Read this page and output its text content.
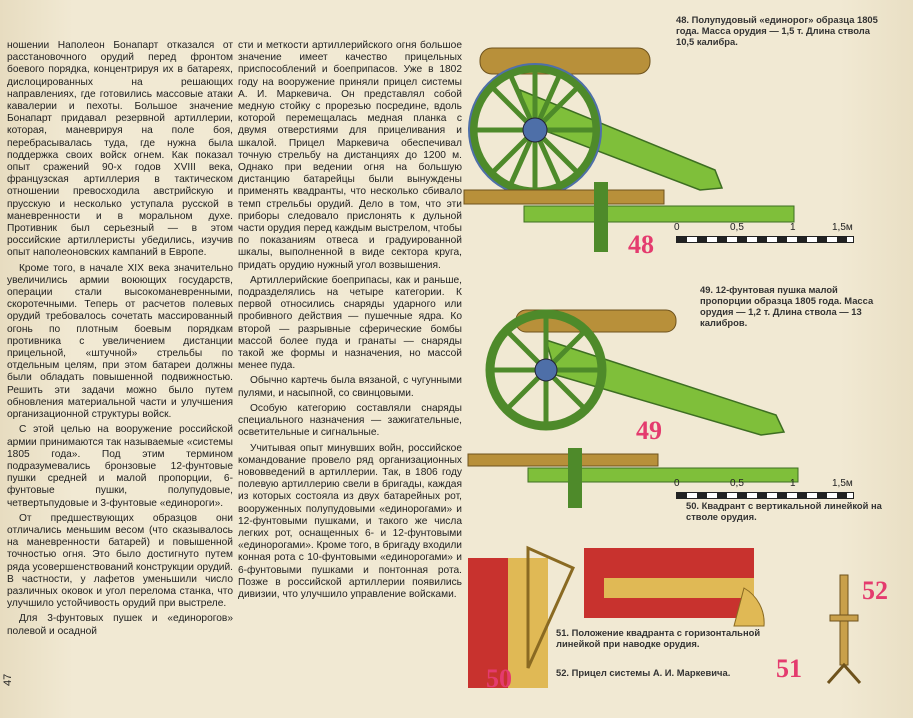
ношении Наполеон Бонапарт отказался от расстановочного орудий перед фронтом боевого порядка, концентрируя их в батареях, дислоцированных на решающих направлениях, где готовились массовые атаки кавалерии и пехоты. Большое значение Бонапарт придавал резервной артиллерии, которая, маневрируя на поле боя, перебрасывалась туда, где нужна была поддержка своих войск огнем. Как показал опыт сражений 90-х годов XVIII века, французская артиллерия в тактическом отношении превосходила австрийскую и прусскую и несколько уступала русской в маневренности и в моральном духе. Противник был серьезный — в этом российские артиллеристы убедились, изучив опыт наполеоновских кампаний в Европе.

Кроме того, в начале XIX века значительно увеличились армии воюющих государств, операции стали высокоманевренными, скоротечными. Теперь от расчетов полевых орудий требовалось сочетать массированный огонь по плотным боевым порядкам противника с увеличением дистанции прицельной, «штучной» стрельбы по отдельным целям, при этом батареи должны были обладать повышенной подвижностью. Решить эти задачи можно было путем обновления материальной части и улучшения организационной структуры войск.

С этой целью на вооружение российской армии принимаются так называемые «системы 1805 года». Под этим термином подразумевались бронзовые 12-фунтовые пушки средней и малой пропорции, 6-фунтовые пушки, полупудовые, четвертьпудовые и 3-фунтовые «единороги».

От предшествующих образцов они отличались меньшим весом (что сказывалось на маневренности батарей) и повышенной точностью огня. Это было достигнуто путем ряда усовершенствований конструкции орудий. В частности, у лафетов уменьшили число различных оковок и угол перелома станка, что улучшило устойчивость орудий при выстреле.

Для 3-фунтовых пушек и «единорогов» полевой и осадной

сти и меткости артиллерийского огня большое значение имеет качество прицельных приспособлений и боеприпасов. Уже в 1802 году на вооружение приняли прицел системы А. И. Маркевича. Он представлял собой медную стойку с прорезью посредине, вдоль которой перемещалась медная планка с двумя отверстиями для прицеливания и шкалой. Прицел Маркевича обеспечивал точную стрельбу на дистанциях до 1200 м. Однако при ведении огня на большую дистанцию батарейцы были вынуждены применять квадранты, что несколько сбивало темп стрельбы орудий. Дело в том, что эти приборы следовало прислонять к дульной части орудия перед каждым выстрелом, чтобы по показаниям отвеса и градуированной шкалы, выполненной в виде сектора круга, придать орудию нужный угол возвышения.

Артиллерийские боеприпасы, как и раньше, подразделялись на четыре категории. К первой относились снаряды ударного или пробивного действия — пушечные ядра. Ко второй — разрывные сферические бомбы массой более пуда и гранаты — снаряды такой же формы и назначения, но массой менее пуда.

Обычно картечь была вязаной, с чугунными пулями, и насыпной, со свинцовыми.

Особую категорию составляли снаряды специального назначения — зажигательные, осветительные и сигнальные.

Учитывая опыт минувших войн, российское командование провело ряд организационных нововведений в артиллерии. Так, в 1806 году полевую артиллерию свели в бригады, каждая из которых состояла из двух батарейных рот, вооруженных полупудовыми «единорогами» и 12-фунтовыми пушками, и такого же числа легких рот, оснащенных 6- и 12-фунтовыми «единорогами». Кроме того, в бригаду входили конная рота с 10-фунтовыми «единорогами» и 6-фунтовыми пушками и понтонная рота. Позже в российской артиллерии появились дивизии, что улучшило управление войсками.

47
48. Полупудовый «единорог» образца 1805 года. Масса орудия — 1,5 т. Длина ствола 10,5 калибра.
48
0	0,5	1	1,5м
49. 12-фунтовая пушка малой пропорции образца 1805 года. Масса орудия — 1,2 т. Длина ствола — 13 калибров.
49
0	0,5	1	1,5м
50. Квадрант с вертикальной линейкой на стволе орудия.
51. Положение квадранта с горизонтальной линейкой при наводке орудия.
52. Прицел системы А. И. Маркевича.
50	51
52
